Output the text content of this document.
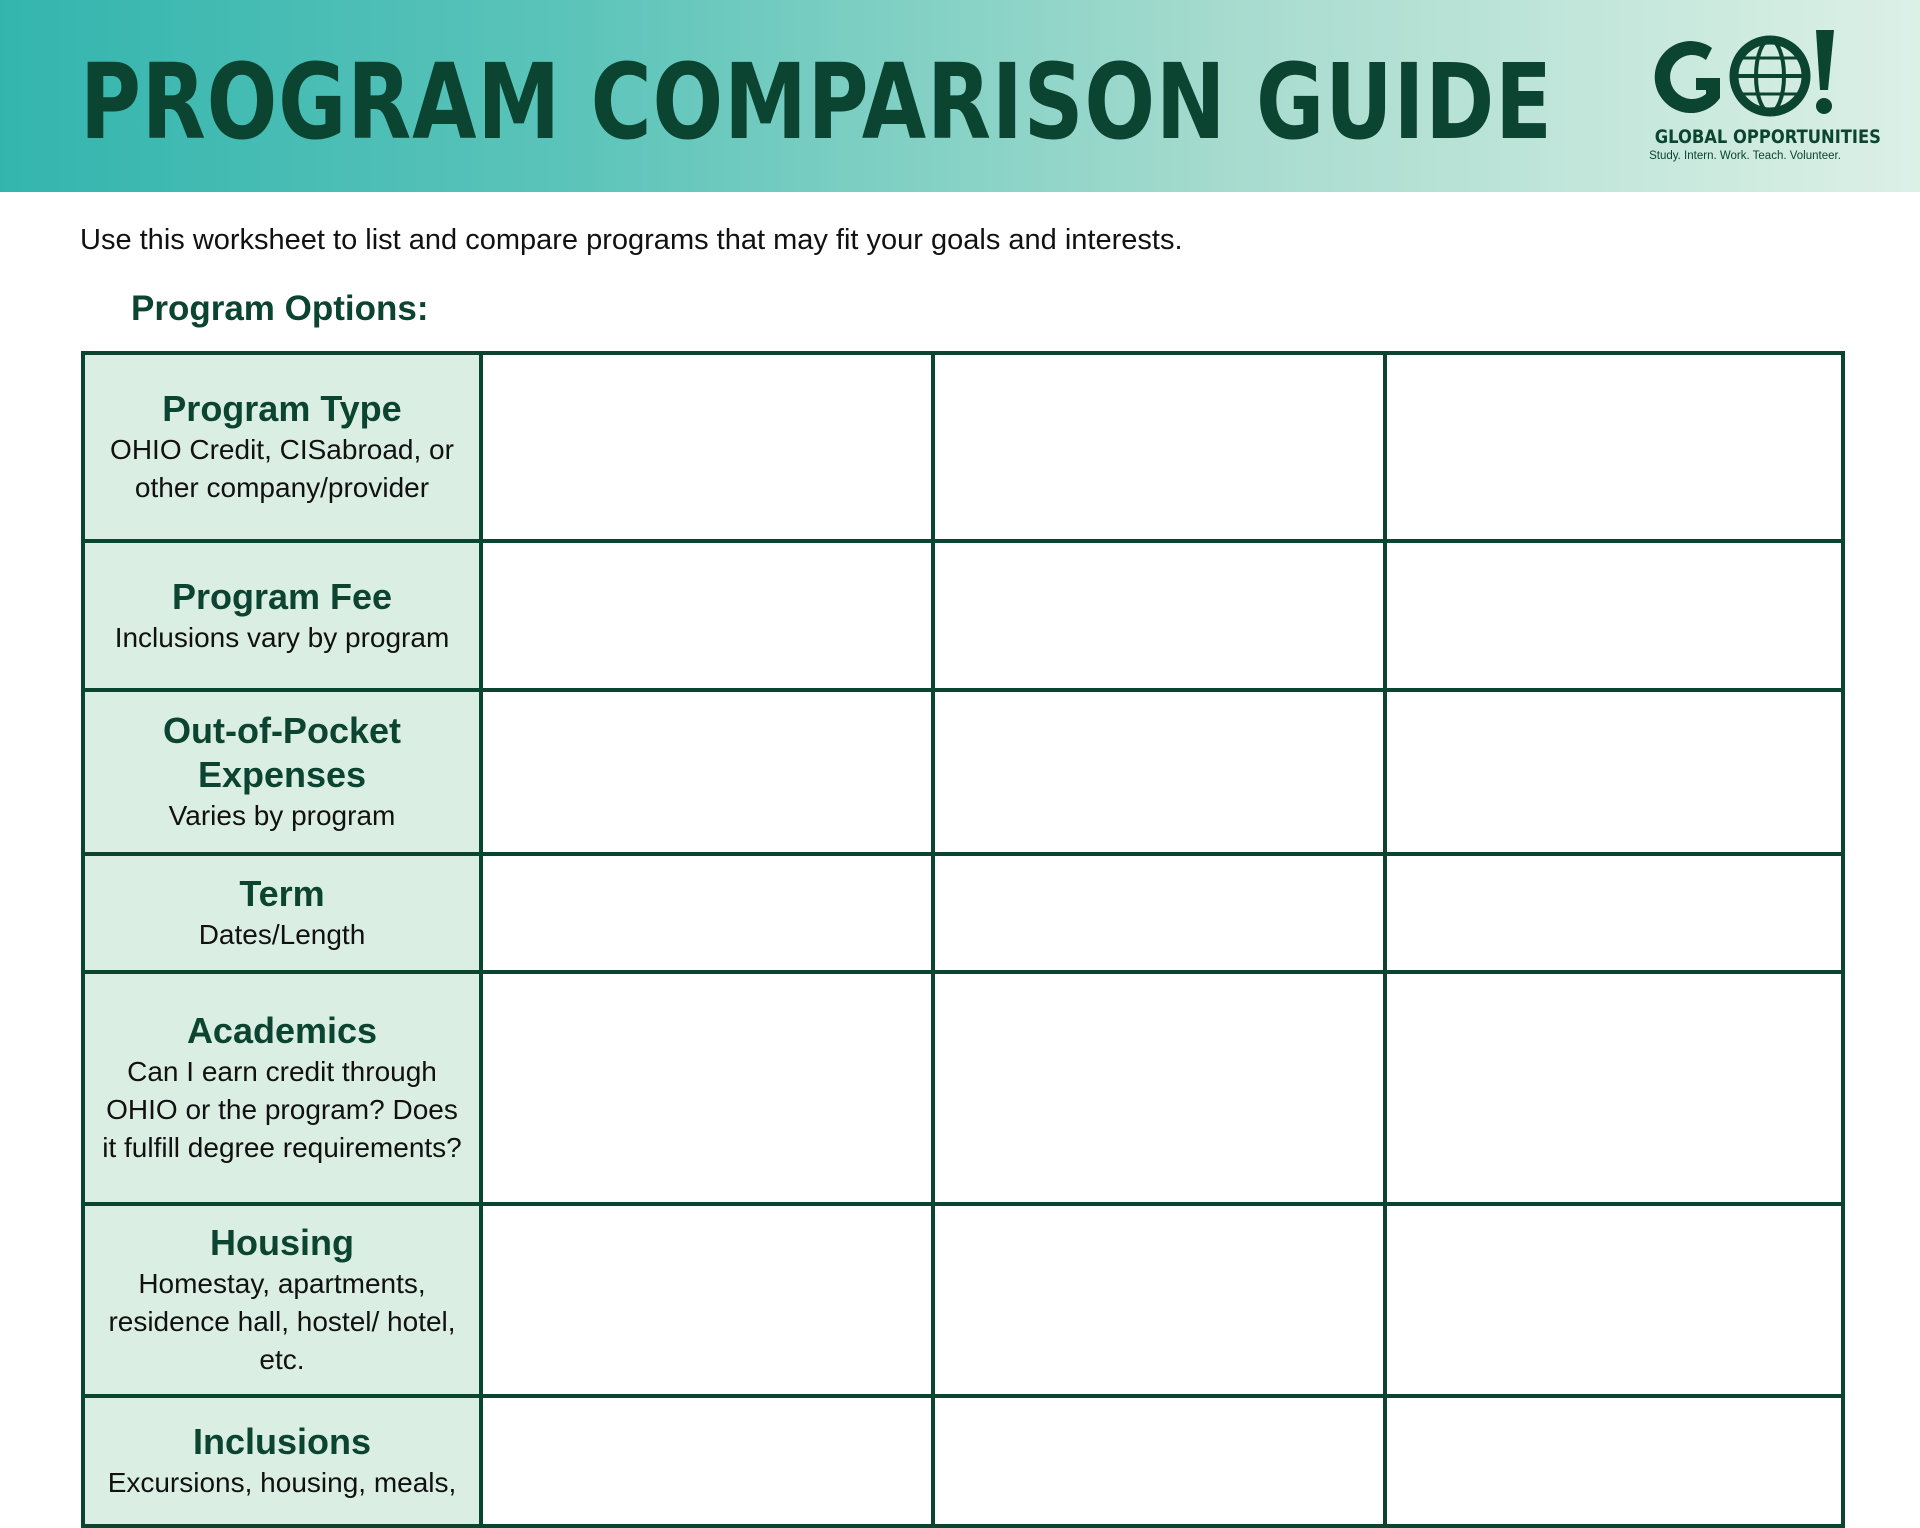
PROGRAM COMPARISON GUIDE	GLOBAL OPPORTUNITIES
Study. Intern. Work. Teach. Volunteer.

Use this worksheet to list and compare programs that may fit your goals and interests.

Program Options:
Program Type
OHIO Credit, CISabroad, or other company/provider			

Program Fee
Inclusions vary by program			

Out-of-Pocket Expenses
Varies by program			

Term
Dates/Length			

Academics
Can I earn credit through OHIO or the program? Does it fulfill degree requirements?			

Housing
Homestay, apartments, residence hall, hostel/ hotel, etc.			

Inclusions
Excursions, housing, meals,			
